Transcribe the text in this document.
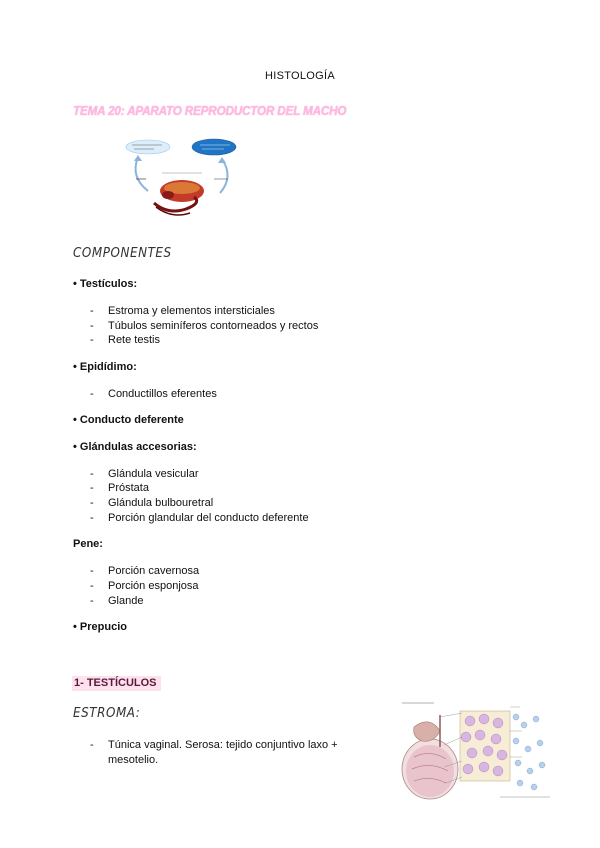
HISTOLOGÍA
TEMA 20: APARATO REPRODUCTOR DEL MACHO
COMPONENTES
• Testículos:
- Estroma y elementos intersticiales
- Túbulos seminíferos contorneados y rectos
- Rete testis
• Epidídimo:
- Conductillos eferentes
• Conducto deferente
• Glándulas accesorias:
- Glándula vesicular
- Próstata
- Glándula bulbouretral
- Porción glandular del conducto deferente
Pene:
- Porción cavernosa
- Porción esponjosa
- Glande
• Prepucio
1- TESTÍCULOS
ESTROMA:
- Túnica vaginal. Serosa: tejido conjuntivo laxo + mesotelio.
